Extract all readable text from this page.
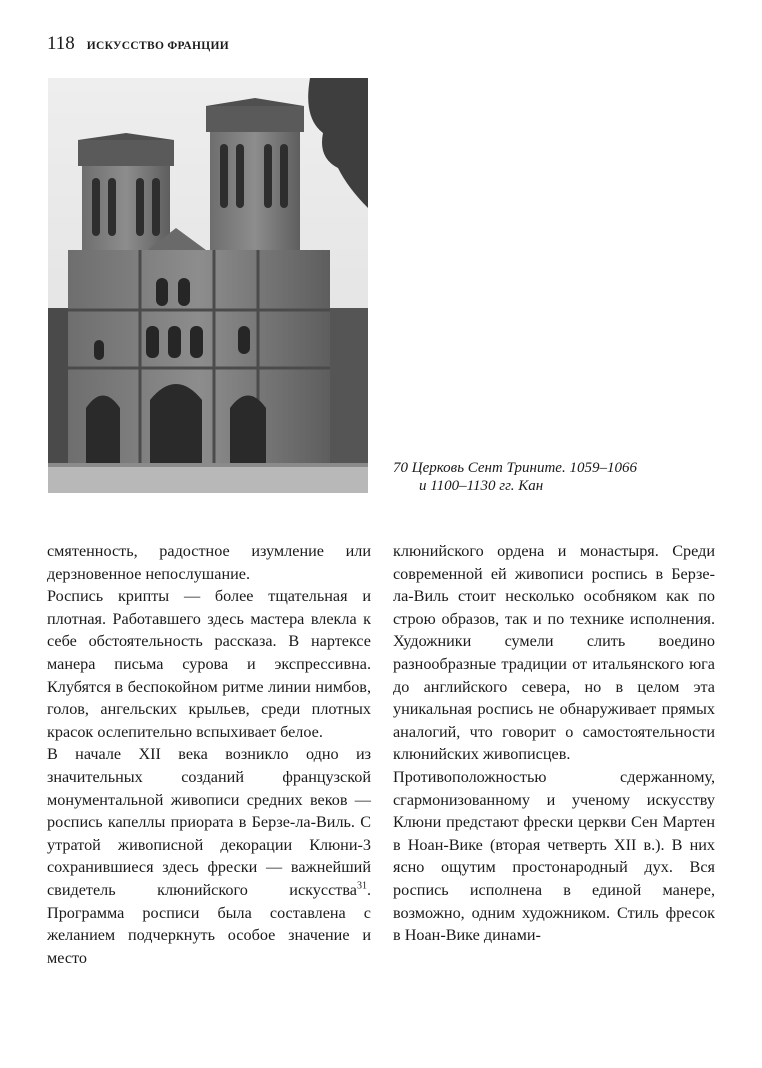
118 ИСКУССТВО ФРАНЦИИ
70 Церковь Сент Трините. 1059–1066
и 1100–1130 гг. Кан

смятенность, радостное изумление или дерзновенное непослушание.

Роспись крипты — более тщательная и плотная. Работавшего здесь мастера влекла к себе обстоятельность рассказа. В нартексе манера письма сурова и экспрессивна. Клубятся в беспокойном ритме линии нимбов, голов, ангельских крыльев, среди плотных красок ослепительно вспыхивает белое.

В начале XII века возникло одно из значительных созданий французской монументальной живописи средних веков — роспись капеллы приората в Берзе-ла-Виль. С утратой живописной декорации Клюни-3 сохранившиеся здесь фрески — важнейший свидетель клюнийского искусства$^{31}$. Программа росписи была составлена с желанием подчеркнуть особое значение и место

клюнийского ордена и монастыря. Среди современной ей живописи роспись в Берзе-ла-Виль стоит несколько особняком как по строю образов, так и по технике исполнения. Художники сумели слить воедино разнообразные традиции от итальянского юга до английского севера, но в целом эта уникальная роспись не обнаруживает прямых аналогий, что говорит о самостоятельности клюнийских живописцев.

Противоположностью сдержанному, сгармонизованному и ученому искусству Клюни предстают фрески церкви Сен Мартен в Ноан-Вике (вторая четверть XII в.). В них ясно ощутим простонародный дух. Вся роспись исполнена в единой манере, возможно, одним художником. Стиль фресок в Ноан-Вике динами-
